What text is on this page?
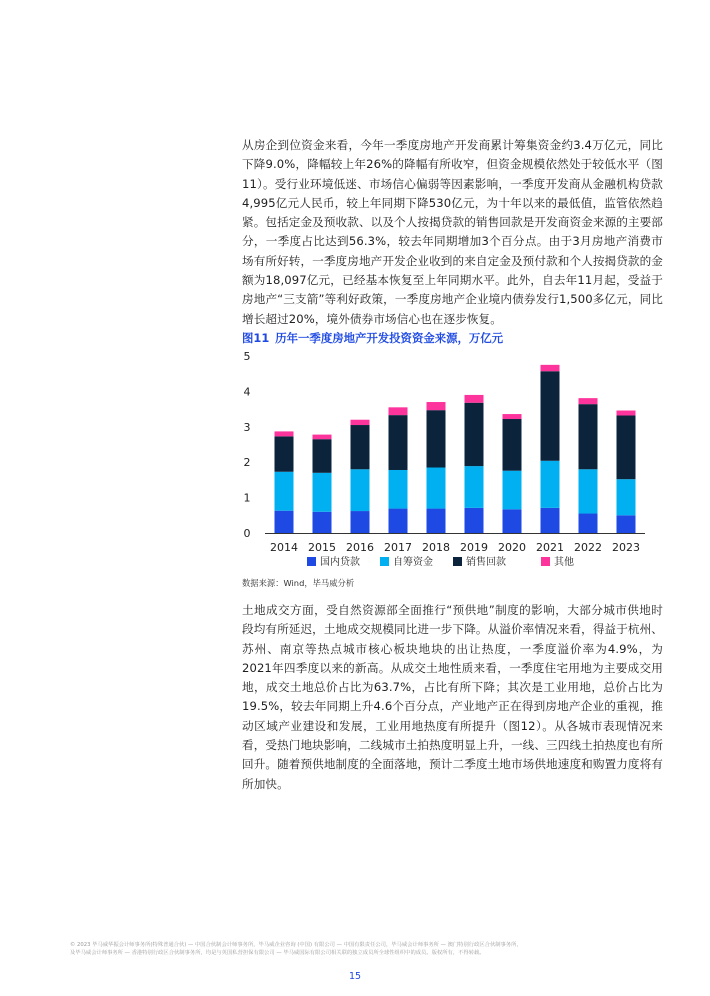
从房企到位资金来看，今年一季度房地产开发商累计筹集资金约3.4万亿元，同比下降9.0%，降幅较上年26%的降幅有所收窄，但资金规模依然处于较低水平（图11）。受行业环境低迷、市场信心偏弱等因素影响，一季度开发商从金融机构贷款4,995亿元人民币，较上年同期下降530亿元，为十年以来的最低值，监管依然趋紧。包括定金及预收款、以及个人按揭贷款的销售回款是开发商资金来源的主要部分，一季度占比达到56.3%，较去年同期增加3个百分点。由于3月房地产消费市场有所好转，一季度房地产开发企业收到的来自定金及预付款和个人按揭贷款的金额为18,097亿元，已经基本恢复至上年同期水平。此外，自去年11月起，受益于房地产“三支箭”等利好政策，一季度房地产企业境内债券发行1,500多亿元，同比增长超过20%，境外债券市场信心也在逐步恢复。

图11 历年一季度房地产开发投资资金来源，万亿元
0
1
2
3
4
5
2014 2015 2016 2017 2018 2019 2020 2021 2022 2023
国内贷款	自筹资金	销售回款	其他
数据来源：Wind，毕马威分析

土地成交方面，受自然资源部全面推行“预供地”制度的影响，大部分城市供地时段均有所延迟，土地成交规模同比进一步下降。从溢价率情况来看，得益于杭州、苏州、南京等热点城市核心板块地块的出让热度，一季度溢价率为4.9%，为2021年四季度以来的新高。从成交土地性质来看，一季度住宅用地为主要成交用地，成交土地总价占比为63.7%，占比有所下降；其次是工业用地，总价占比为19.5%，较去年同期上升4.6个百分点，产业地产正在得到房地产企业的重视，推动区域产业建设和发展，工业用地热度有所提升（图12）。从各城市表现情况来看，受热门地块影响，二线城市土拍热度明显上升，一线、三四线土拍热度也有所回升。随着预供地制度的全面落地，预计二季度土地市场供地速度和购置力度将有所加快。

© 2023 毕马威华振会计师事务所(特殊普通合伙) — 中国合伙制会计师事务所，毕马威企业咨询 (中国) 有限公司 — 中国有限责任公司，毕马威会计师事务所 — 澳门特别行政区合伙制事务所，
及毕马威会计师事务所 — 香港特别行政区合伙制事务所，均是与英国私营担保有限公司 — 毕马威国际有限公司相关联的独立成员所全球性组织中的成员。版权所有，不得转载。
15
